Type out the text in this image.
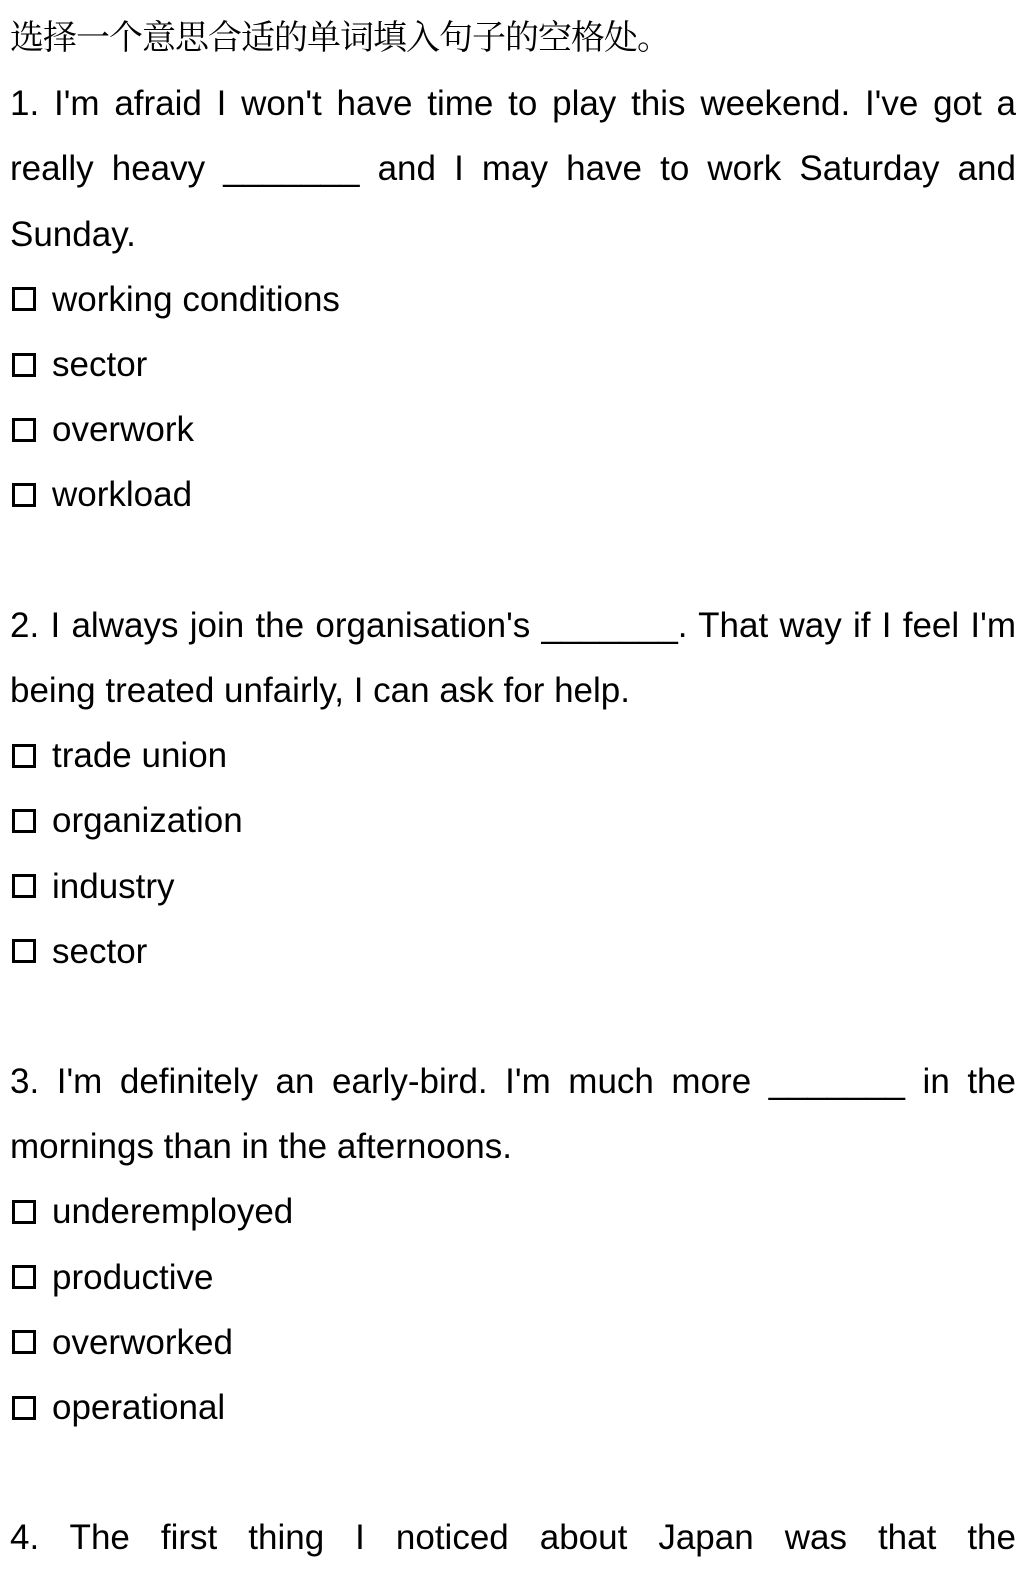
选择一个意思合适的单词填入句子的空格处。
1. I'm afraid I won't have time to play this weekend. I've got a really heavy _______ and I may have to work Saturday and Sunday.
working conditions
sector
overwork
workload
2. I always join the organisation's _______. That way if I feel I'm being treated unfairly, I can ask for help.
trade union
organization
industry
sector
3. I'm definitely an early-bird. I'm much more _______ in the mornings than in the afternoons.
underemployed
productive
overworked
operational
4. The first thing I noticed about Japan was that the
